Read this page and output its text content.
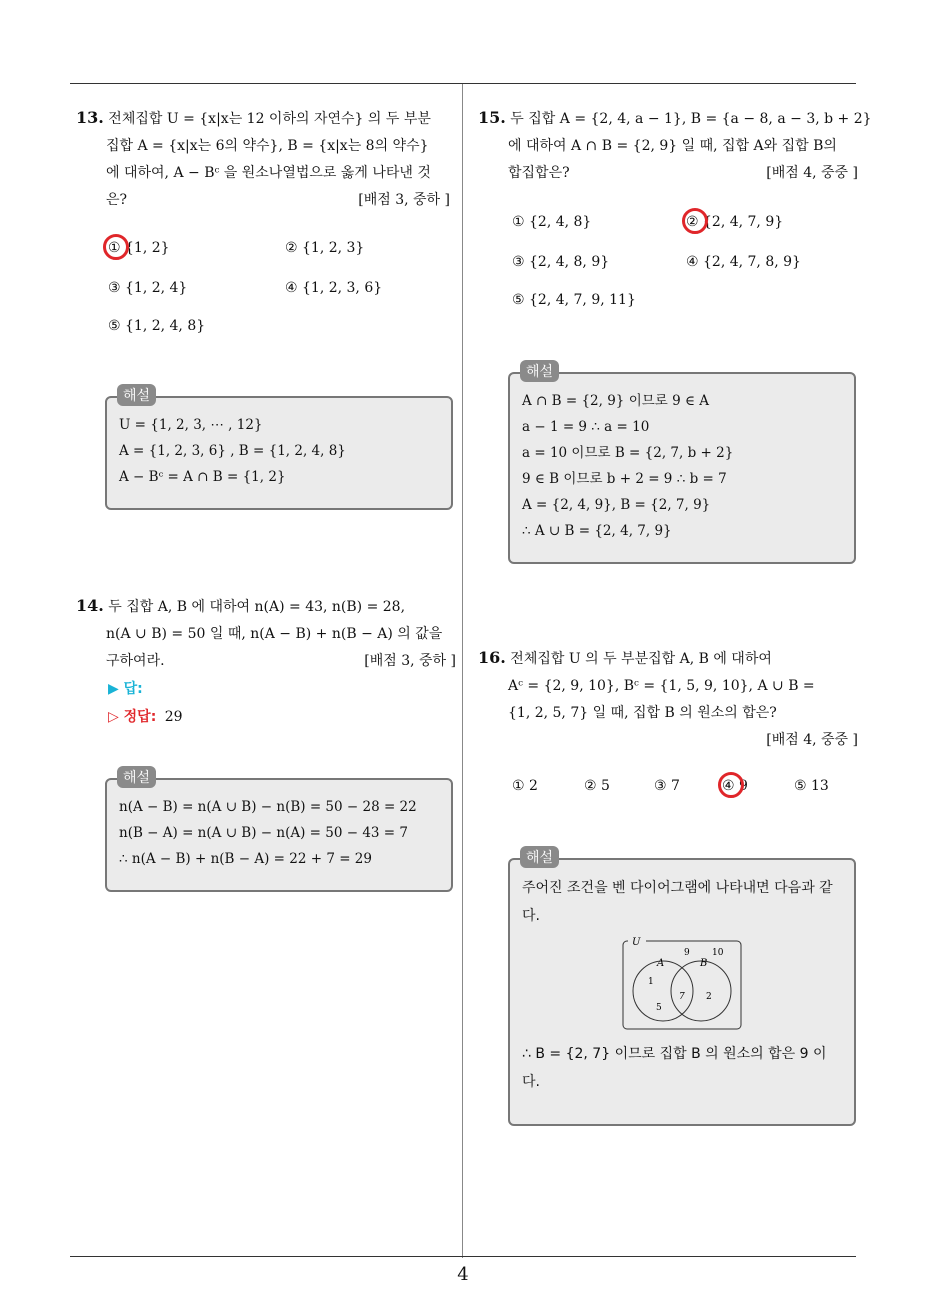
4
13. 전체집합 U = {x|x는 12 이하의 자연수} 의 두 부분
집합 A = {x|x는 6의 약수}, B = {x|x는 8의 약수}
에 대하여, A − Bᶜ 을 원소나열법으로 옳게 나타낸 것
은?	[배점 3, 중하 ]
① {1, 2}	② {1, 2, 3}
③ {1, 2, 4}	④ {1, 2, 3, 6}
⑤ {1, 2, 4, 8}
해설
U = {1, 2, 3, ⋯ , 12}
A = {1, 2, 3, 6} , B = {1, 2, 4, 8}
A − Bᶜ = A ∩ B = {1, 2}
14. 두 집합 A, B 에 대하여 n(A) = 43, n(B) = 28,
n(A ∪ B) = 50 일 때, n(A − B) + n(B − A) 의 값을
구하여라.	[배점 3, 중하 ]
▶ 답:
▷ 정답: 29
해설
n(A − B) = n(A ∪ B) − n(B) = 50 − 28 = 22
n(B − A) = n(A ∪ B) − n(A) = 50 − 43 = 7
∴ n(A − B) + n(B − A) = 22 + 7 = 29
15. 두 집합 A = {2, 4, a − 1}, B = {a − 8, a − 3, b + 2}
에 대하여 A ∩ B = {2, 9} 일 때, 집합 A와 집합 B의
합집합은?	[배점 4, 중중 ]
① {2, 4, 8}	② {2, 4, 7, 9}
③ {2, 4, 8, 9}	④ {2, 4, 7, 8, 9}
⑤ {2, 4, 7, 9, 11}
해설
A ∩ B = {2, 9} 이므로 9 ∈ A
a − 1 = 9 ∴ a = 10
a = 10 이므로 B = {2, 7, b + 2}
9 ∈ B 이므로 b + 2 = 9 ∴ b = 7
A = {2, 4, 9}, B = {2, 7, 9}
∴ A ∪ B = {2, 4, 7, 9}
16. 전체집합 U 의 두 부분집합 A, B 에 대하여
Aᶜ = {2, 9, 10}, Bᶜ = {1, 5, 9, 10}, A ∪ B =
{1, 2, 5, 7} 일 때, 집합 B 의 원소의 합은?
[배점 4, 중중 ]
① 2	② 5	③ 7	④ 9	⑤ 13
해설
주어진 조건을 벤 다이어그램에 나타내면 다음과 같다.
U
A	B
9 10
1
5
7 2
∴ B = {2, 7} 이므로 집합 B 의 원소의 합은 9 이다.
